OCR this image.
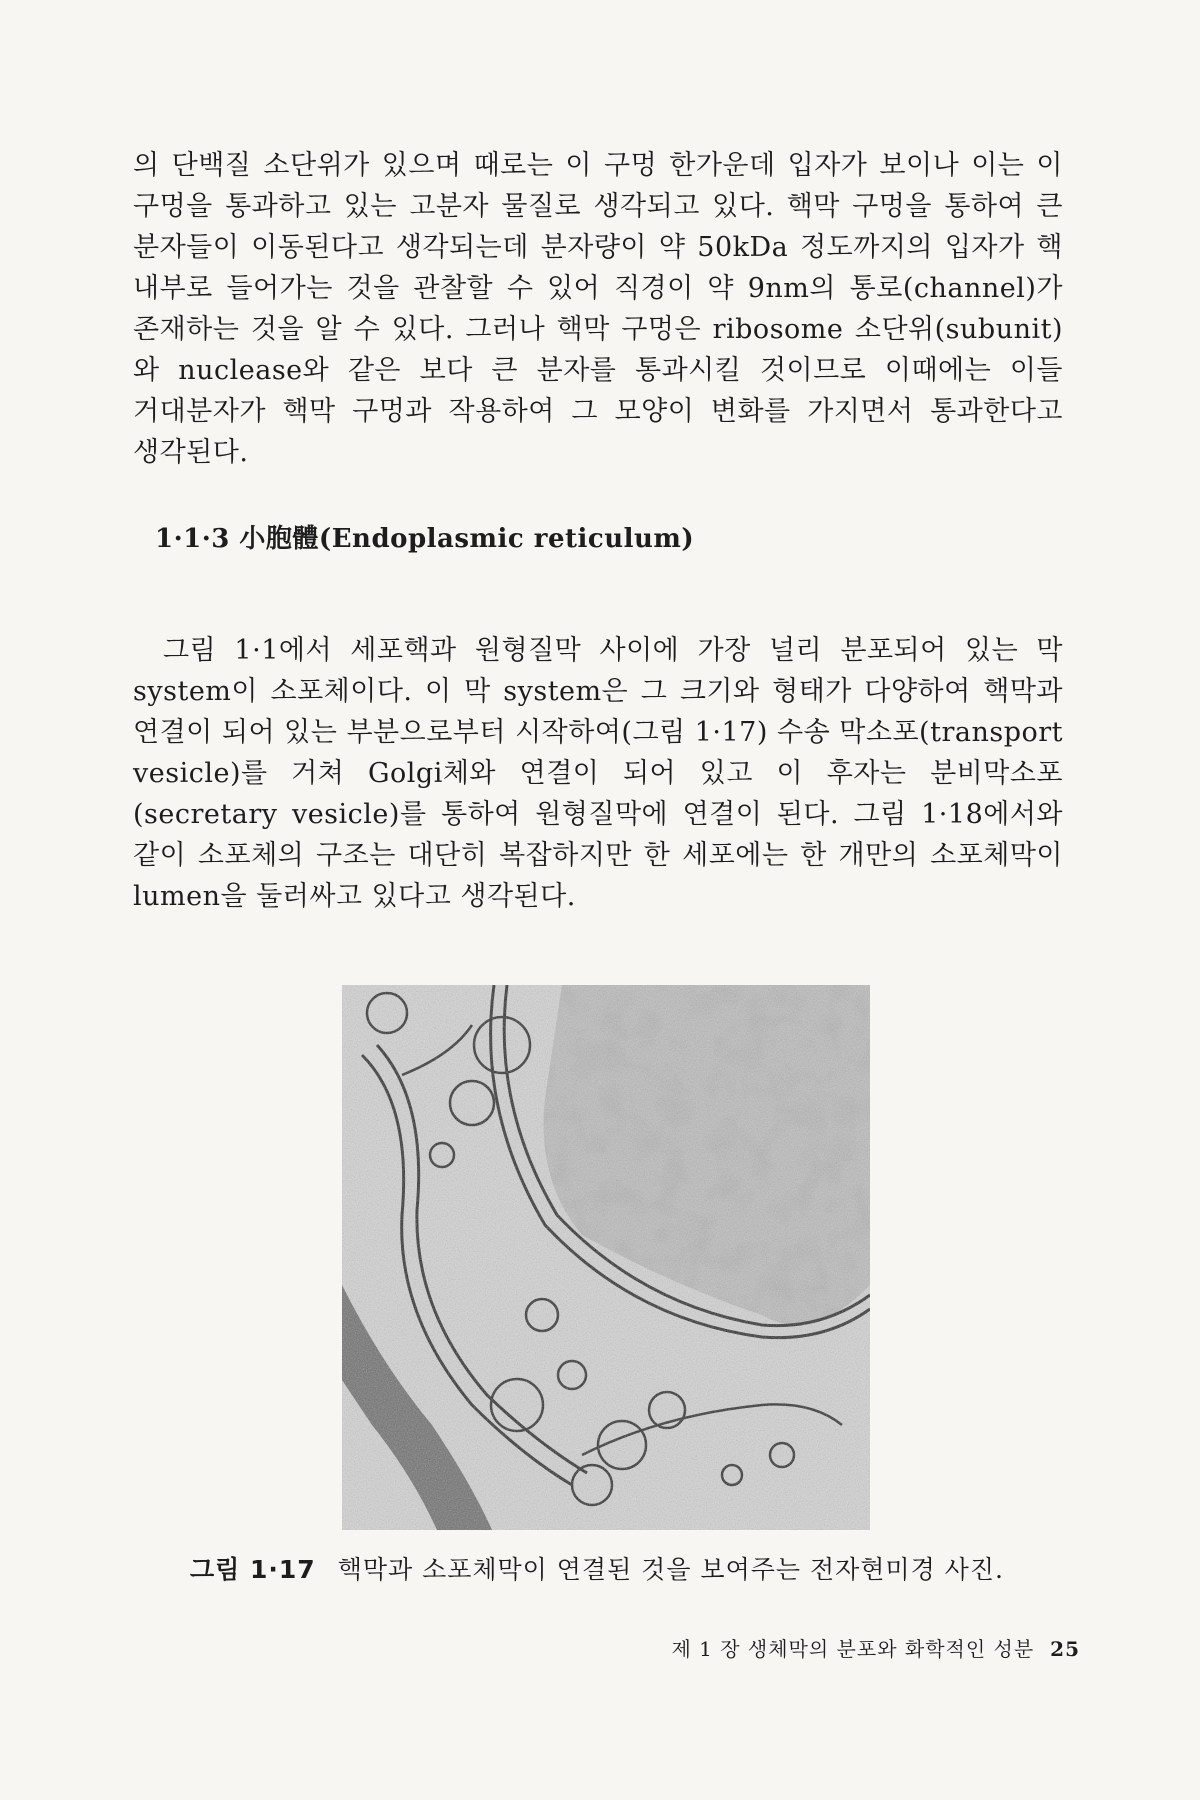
의 단백질 소단위가 있으며 때로는 이 구멍 한가운데 입자가 보이나 이는 이 구멍을 통과하고 있는 고분자 물질로 생각되고 있다. 핵막 구멍을 통하여 큰 분자들이 이동된다고 생각되는데 분자량이 약 50kDa 정도까지의 입자가 핵 내부로 들어가는 것을 관찰할 수 있어 직경이 약 9nm의 통로(channel)가 존재하는 것을 알 수 있다. 그러나 핵막 구멍은 ribosome 소단위(subunit)와 nuclease와 같은 보다 큰 분자를 통과시킬 것이므로 이때에는 이들 거대분자가 핵막 구멍과 작용하여 그 모양이 변화를 가지면서 통과한다고 생각된다.

1·1·3 小胞體(Endoplasmic reticulum)

그림 1·1에서 세포핵과 원형질막 사이에 가장 널리 분포되어 있는 막 system이 소포체이다. 이 막 system은 그 크기와 형태가 다양하여 핵막과 연결이 되어 있는 부분으로부터 시작하여(그림 1·17) 수송 막소포(transport vesicle)를 거쳐 Golgi체와 연결이 되어 있고 이 후자는 분비막소포(secretary vesicle)를 통하여 원형질막에 연결이 된다. 그림 1·18에서와 같이 소포체의 구조는 대단히 복잡하지만 한 세포에는 한 개만의 소포체막이 lumen을 둘러싸고 있다고 생각된다.

그림 1·17 핵막과 소포체막이 연결된 것을 보여주는 전자현미경 사진.
제 1 장 생체막의 분포와 화학적인 성분 25
